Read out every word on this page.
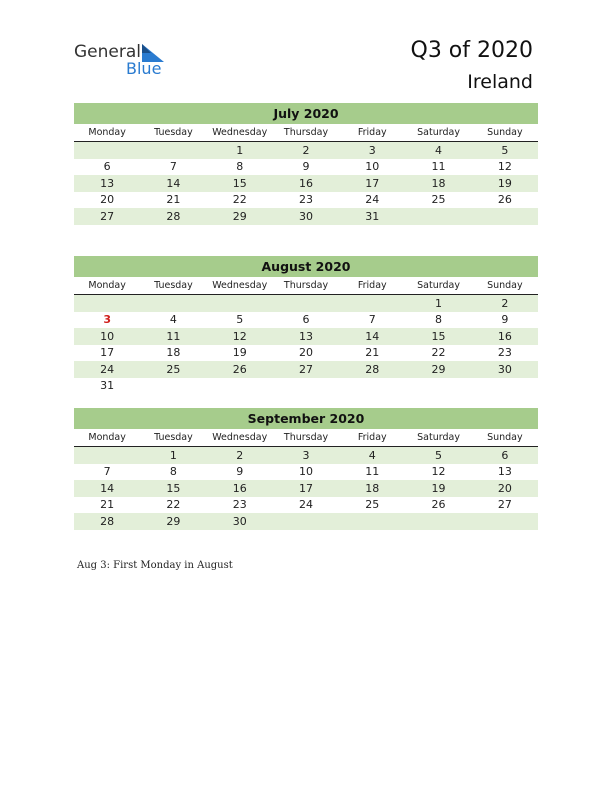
General
Blue
Q3 of 2020
Ireland
July 2020
Monday	Tuesday	Wednesday	Thursday	Friday	Saturday	Sunday
		1	2	3	4	5
6	7	8	9	10	11	12
13	14	15	16	17	18	19
20	21	22	23	24	25	26
27	28	29	30	31		
August 2020
Monday	Tuesday	Wednesday	Thursday	Friday	Saturday	Sunday
					1	2
3	4	5	6	7	8	9
10	11	12	13	14	15	16
17	18	19	20	21	22	23
24	25	26	27	28	29	30
31						
September 2020
Monday	Tuesday	Wednesday	Thursday	Friday	Saturday	Sunday
	1	2	3	4	5	6
7	8	9	10	11	12	13
14	15	16	17	18	19	20
21	22	23	24	25	26	27
28	29	30				
Aug 3: First Monday in August
